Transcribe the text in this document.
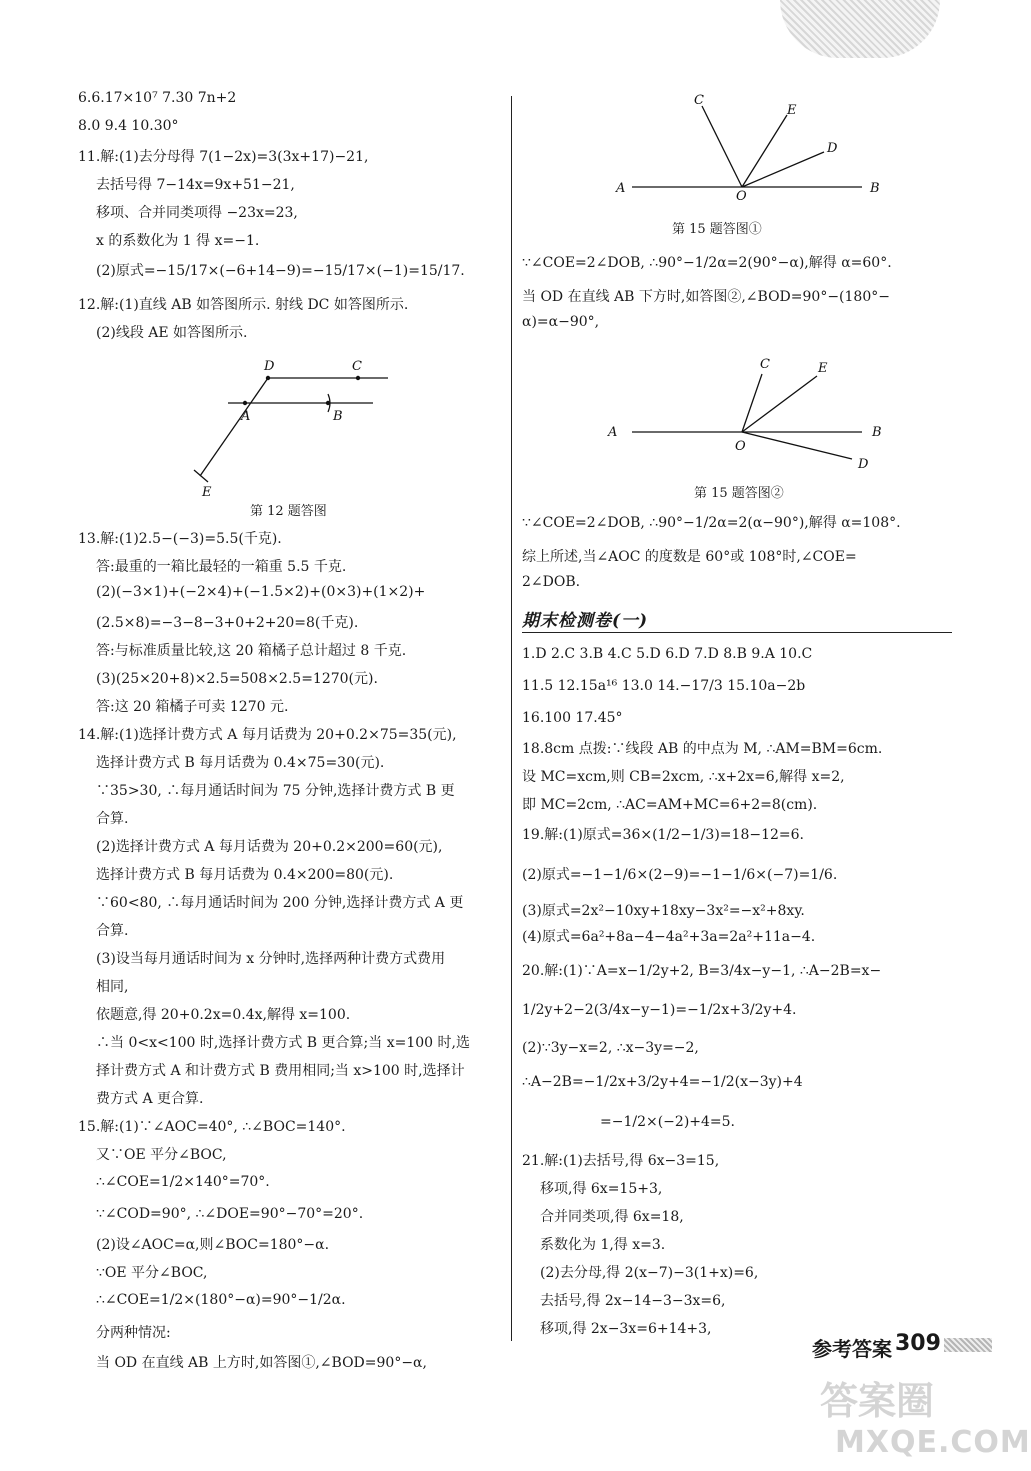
6.6.17×10⁷ 7.30 7n+2
8.0 9.4 10.30°
11.解:(1)去分母得 7(1−2x)=3(3x+17)−21,
去括号得 7−14x=9x+51−21,
移项、合并同类项得 −23x=23,
x 的系数化为 1 得 x=−1.
(2)原式=−15/17×(−6+14−9)=−15/17×(−1)=15/17.
12.解:(1)直线 AB 如答图所示. 射线 DC 如答图所示.
(2)线段 AE 如答图所示.
D	C
A	B
E
第 12 题答图
13.解:(1)2.5−(−3)=5.5(千克).
答:最重的一箱比最轻的一箱重 5.5 千克.
(2)(−3×1)+(−2×4)+(−1.5×2)+(0×3)+(1×2)+
(2.5×8)=−3−8−3+0+2+20=8(千克).
答:与标准质量比较,这 20 箱橘子总计超过 8 千克.
(3)(25×20+8)×2.5=508×2.5=1270(元).
答:这 20 箱橘子可卖 1270 元.
14.解:(1)选择计费方式 A 每月话费为 20+0.2×75=35(元),
选择计费方式 B 每月话费为 0.4×75=30(元).
∵35>30, ∴每月通话时间为 75 分钟,选择计费方式 B 更
合算.
(2)选择计费方式 A 每月话费为 20+0.2×200=60(元),
选择计费方式 B 每月话费为 0.4×200=80(元).
∵60<80, ∴每月通话时间为 200 分钟,选择计费方式 A 更
合算.
(3)设当每月通话时间为 x 分钟时,选择两种计费方式费用
相同,
依题意,得 20+0.2x=0.4x,解得 x=100.
∴当 0<x<100 时,选择计费方式 B 更合算;当 x=100 时,选
择计费方式 A 和计费方式 B 费用相同;当 x>100 时,选择计
费方式 A 更合算.
15.解:(1)∵∠AOC=40°, ∴∠BOC=140°.
又∵OE 平分∠BOC,
∴∠COE=1/2×140°=70°.
∵∠COD=90°, ∴∠DOE=90°−70°=20°.
(2)设∠AOC=α,则∠BOC=180°−α.
∵OE 平分∠BOC,
∴∠COE=1/2×(180°−α)=90°−1/2α.
分两种情况:
当 OD 在直线 AB 上方时,如答图①,∠BOD=90°−α,
C
E
D
A
O
B
第 15 题答图①
∵∠COE=2∠DOB, ∴90°−1/2α=2(90°−α),解得 α=60°.
当 OD 在直线 AB 下方时,如答图②,∠BOD=90°−(180°−
α)=α−90°,
C	E
A
O
B
D
第 15 题答图②
∵∠COE=2∠DOB, ∴90°−1/2α=2(α−90°),解得 α=108°.
综上所述,当∠AOC 的度数是 60°或 108°时,∠COE=
2∠DOB.
期末检测卷(一)
1.D 2.C 3.B 4.C 5.D 6.D 7.D 8.B 9.A 10.C
11.5 12.15a¹⁶ 13.0 14.−17/3 15.10a−2b
16.100 17.45°
18.8cm 点拨:∵线段 AB 的中点为 M, ∴AM=BM=6cm.
设 MC=xcm,则 CB=2xcm, ∴x+2x=6,解得 x=2,
即 MC=2cm, ∴AC=AM+MC=6+2=8(cm).
19.解:(1)原式=36×(1/2−1/3)=18−12=6.
(2)原式=−1−1/6×(2−9)=−1−1/6×(−7)=1/6.
(3)原式=2x²−10xy+18xy−3x²=−x²+8xy.
(4)原式=6a²+8a−4−4a²+3a=2a²+11a−4.
20.解:(1)∵A=x−1/2y+2, B=3/4x−y−1, ∴A−2B=x−
1/2y+2−2(3/4x−y−1)=−1/2x+3/2y+4.
(2)∵3y−x=2, ∴x−3y=−2,
∴A−2B=−1/2x+3/2y+4=−1/2(x−3y)+4
=−1/2×(−2)+4=5.
21.解:(1)去括号,得 6x−3=15,
移项,得 6x=15+3,
合并同类项,得 6x=18,
系数化为 1,得 x=3.
(2)去分母,得 2(x−7)−3(1+x)=6,
去括号,得 2x−14−3−3x=6,
移项,得 2x−3x=6+14+3,
参考答案 309
答案圈
MXQE.COM
